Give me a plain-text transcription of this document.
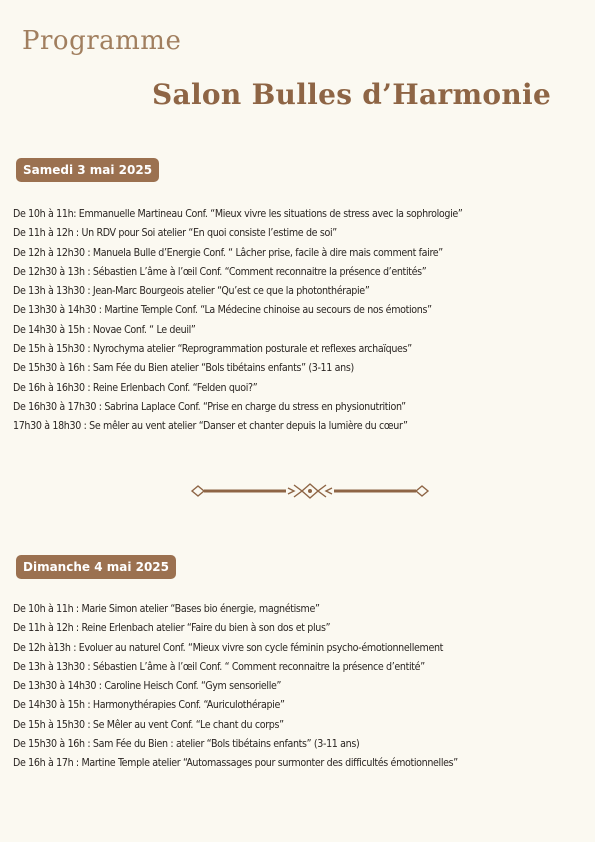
Programme
Salon Bulles d’Harmonie
Samedi 3 mai 2025
De 10h à 11h: Emmanuelle Martineau Conf. “Mieux vivre les situations de stress avec la sophrologie”
De 11h à 12h : Un RDV pour Soi atelier “En quoi consiste l’estime de soi”
De 12h à 12h30 : Manuela Bulle d’Energie Conf. “ Lâcher prise, facile à dire mais comment faire”
De 12h30 à 13h : Sébastien L’âme à l’œil Conf. “Comment reconnaitre la présence d’entités”
De 13h à 13h30 : Jean-Marc Bourgeois atelier “Qu’est ce que la photonthérapie”
De 13h30 à 14h30 : Martine Temple Conf. “La Médecine chinoise au secours de nos émotions”
De 14h30 à 15h : Novae Conf. “ Le deuil”
De 15h à 15h30 : Nyrochyma atelier “Reprogrammation posturale et reflexes archaïques”
De 15h30 à 16h : Sam Fée du Bien atelier “Bols tibétains enfants” (3-11 ans)
De 16h à 16h30 : Reine Erlenbach Conf. “Felden quoi?”
De 16h30 à 17h30 : Sabrina Laplace Conf. “Prise en charge du stress en physionutrition”
17h30 à 18h30 : Se mêler au vent atelier “Danser et chanter depuis la lumière du cœur”
Dimanche 4 mai 2025
De 10h à 11h : Marie Simon atelier “Bases bio énergie, magnétisme”
De 11h à 12h : Reine Erlenbach atelier “Faire du bien à son dos et plus”
De 12h à13h : Evoluer au naturel Conf. “Mieux vivre son cycle féminin psycho-émotionnellement
De 13h à 13h30 : Sébastien L’âme à l’œil Conf. “ Comment reconnaitre la présence d’entité”
De 13h30 à 14h30 : Caroline Heisch Conf. “Gym sensorielle”
De 14h30 à 15h : Harmonythérapies Conf. “Auriculothérapie”
De 15h à 15h30 : Se Mêler au vent Conf. “Le chant du corps”
De 15h30 à 16h : Sam Fée du Bien : atelier “Bols tibétains enfants” (3-11 ans)
De 16h à 17h : Martine Temple atelier “Automassages pour surmonter des difficultés émotionnelles”
